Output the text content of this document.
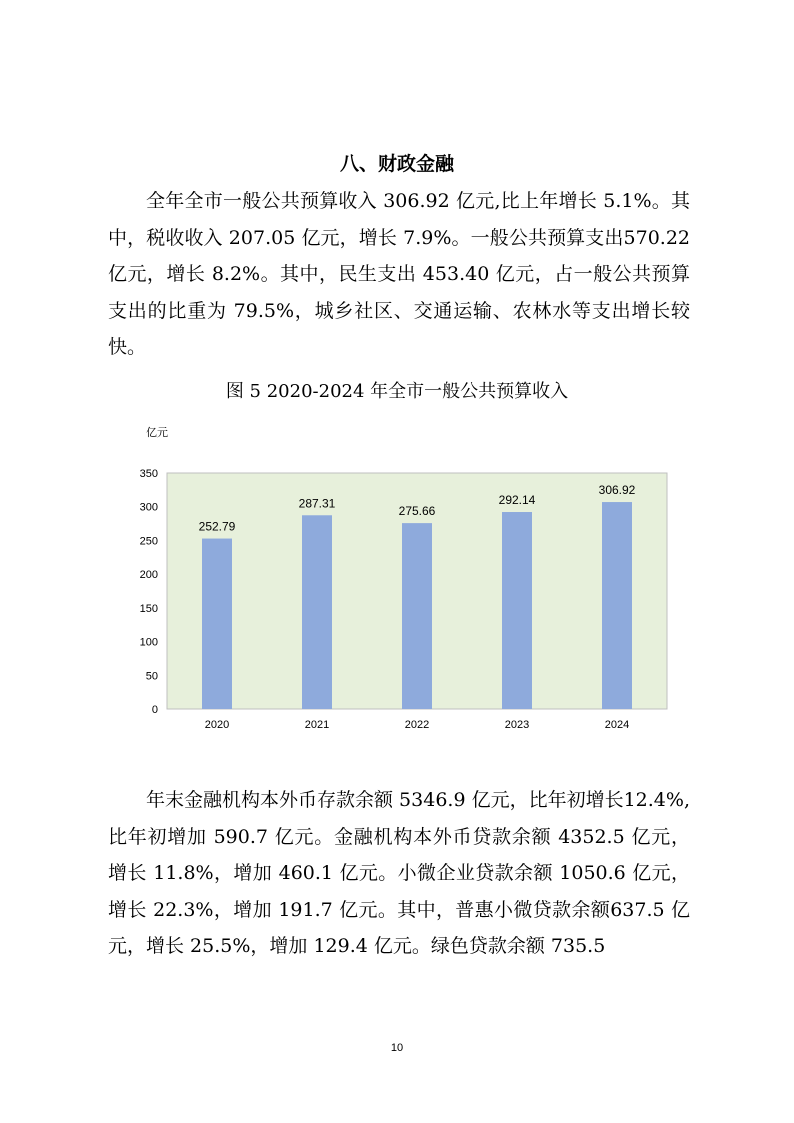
八、财政金融

全年全市一般公共预算收入 306.92 亿元,比上年增长 5.1%。其中，税收收入 207.05 亿元，增长 7.9%。一般公共预算支出570.22 亿元，增长 8.2%。其中，民生支出 453.40 亿元，占一般公共预算支出的比重为 79.5%，城乡社区、交通运输、农林水等支出增长较快。

图 5 2020-2024 年全市一般公共预算收入
亿元
0
50
100
150
200
250
300
350
252.79
2020
287.31
2021
275.66
2022
292.14
2023
306.92
2024

年末金融机构本外币存款余额 5346.9 亿元，比年初增长12.4%,比年初增加 590.7 亿元。金融机构本外币贷款余额 4352.5 亿元，增长 11.8%，增加 460.1 亿元。小微企业贷款余额 1050.6 亿元，增长 22.3%，增加 191.7 亿元。其中，普惠小微贷款余额637.5 亿元，增长 25.5%，增加 129.4 亿元。绿色贷款余额 735.5

10
